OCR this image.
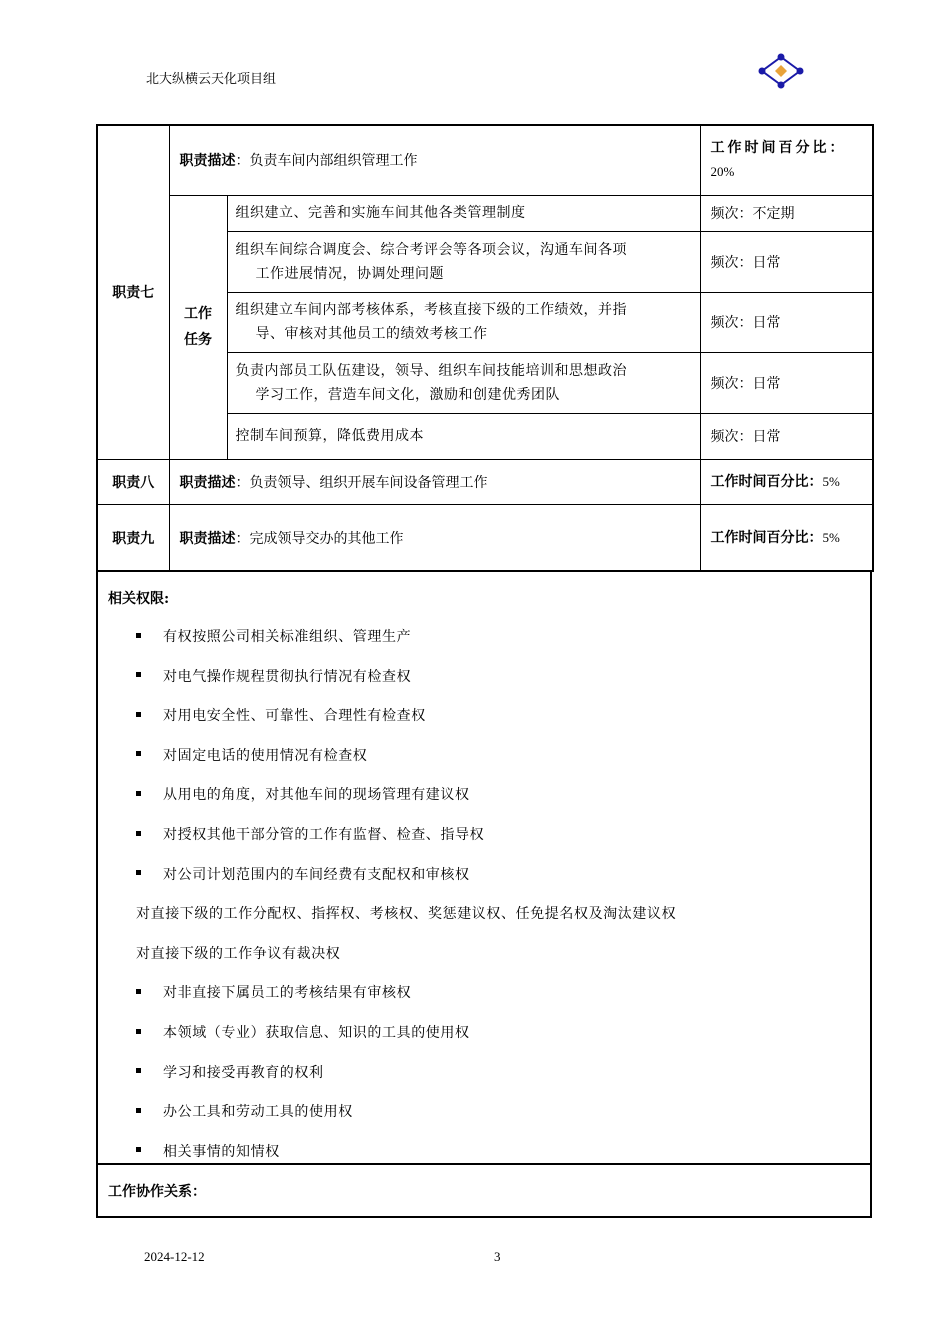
北大纵横云天化项目组
职责七	职责描述：负责车间内部组织管理工作		工作时间百分比：
20%

	工作
任务	组织建立、完善和实施车间其他各类管理制度	频次：不定期
		组织车间综合调度会、综合考评会等各项会议，沟通车间各项
工作进展情况，协调处理问题	频次：日常
		组织建立车间内部考核体系，考核直接下级的工作绩效，并指
导、审核对其他员工的绩效考核工作	频次：日常
		负责内部员工队伍建设，领导、组织车间技能培训和思想政治
学习工作，营造车间文化，激励和创建优秀团队	频次：日常
		控制车间预算，降低费用成本	频次：日常

职责八	职责描述：负责领导、组织开展车间设备管理工作		工作时间百分比：5%
职责九	职责描述：完成领导交办的其他工作		工作时间百分比：5%
相关权限:
有权按照公司相关标准组织、管理生产
对电气操作规程贯彻执行情况有检查权
对用电安全性、可靠性、合理性有检查权
对固定电话的使用情况有检查权
从用电的角度，对其他车间的现场管理有建议权
对授权其他干部分管的工作有监督、检查、指导权
对公司计划范围内的车间经费有支配权和审核权
对直接下级的工作分配权、指挥权、考核权、奖惩建议权、任免提名权及淘汰建议权
对直接下级的工作争议有裁决权
对非直接下属员工的考核结果有审核权
本领域（专业）获取信息、知识的工具的使用权
学习和接受再教育的权利
办公工具和劳动工具的使用权
相关事情的知情权
工作协作关系：
2024-12-12	3
